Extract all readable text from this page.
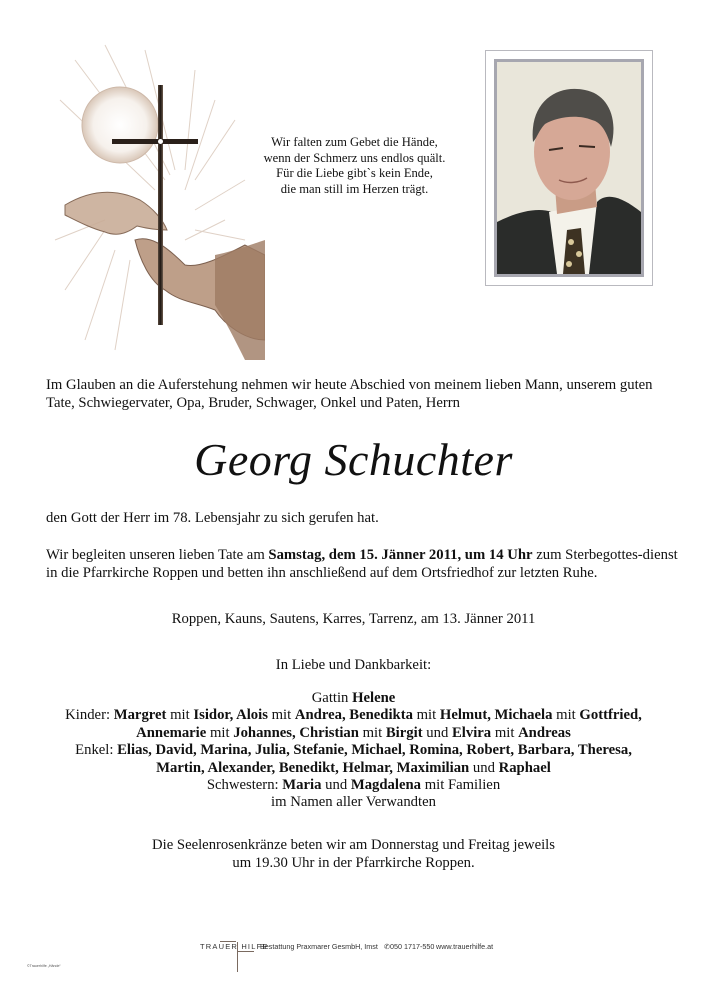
Wir falten zum Gebet die Hände,
wenn der Schmerz uns endlos quält.
Für die Liebe gibt`s kein Ende,
die man still im Herzen trägt.
Im Glauben an die Auferstehung nehmen wir heute Abschied von meinem lieben Mann, unserem guten Tate, Schwiegervater, Opa, Bruder, Schwager, Onkel und Paten, Herrn
Georg Schuchter
den Gott der Herr im 78. Lebensjahr zu sich gerufen hat.
Wir begleiten unseren lieben Tate am Samstag, dem 15. Jänner 2011, um 14 Uhr zum Sterbegottes-dienst in die Pfarrkirche Roppen und betten ihn anschließend auf dem Ortsfriedhof zur letzten Ruhe.
Roppen, Kauns, Sautens, Karres, Tarrenz, am 13. Jänner 2011
In Liebe und Dankbarkeit:
Gattin Helene
Kinder: Margret mit Isidor, Alois mit Andrea, Benedikta mit Helmut, Michaela mit Gottfried,
Annemarie mit Johannes, Christian mit Birgit und Elvira mit Andreas
Enkel: Elias, David, Marina, Julia, Stefanie, Michael, Romina, Robert, Barbara, Theresa,
Martin, Alexander, Benedikt, Helmar, Maximilian und Raphael
Schwestern: Maria und Magdalena mit Familien
im Namen aller Verwandten
Die Seelenrosenkränze beten wir am Donnerstag und Freitag jeweils
um 19.30 Uhr in der Pfarrkirche Roppen.
TRAUER HILFE
Bestattung Praxmarer GesmbH, Imst ✆050 1717-550 www.trauerhilfe.at
©Trauerhilfe „Hände“
